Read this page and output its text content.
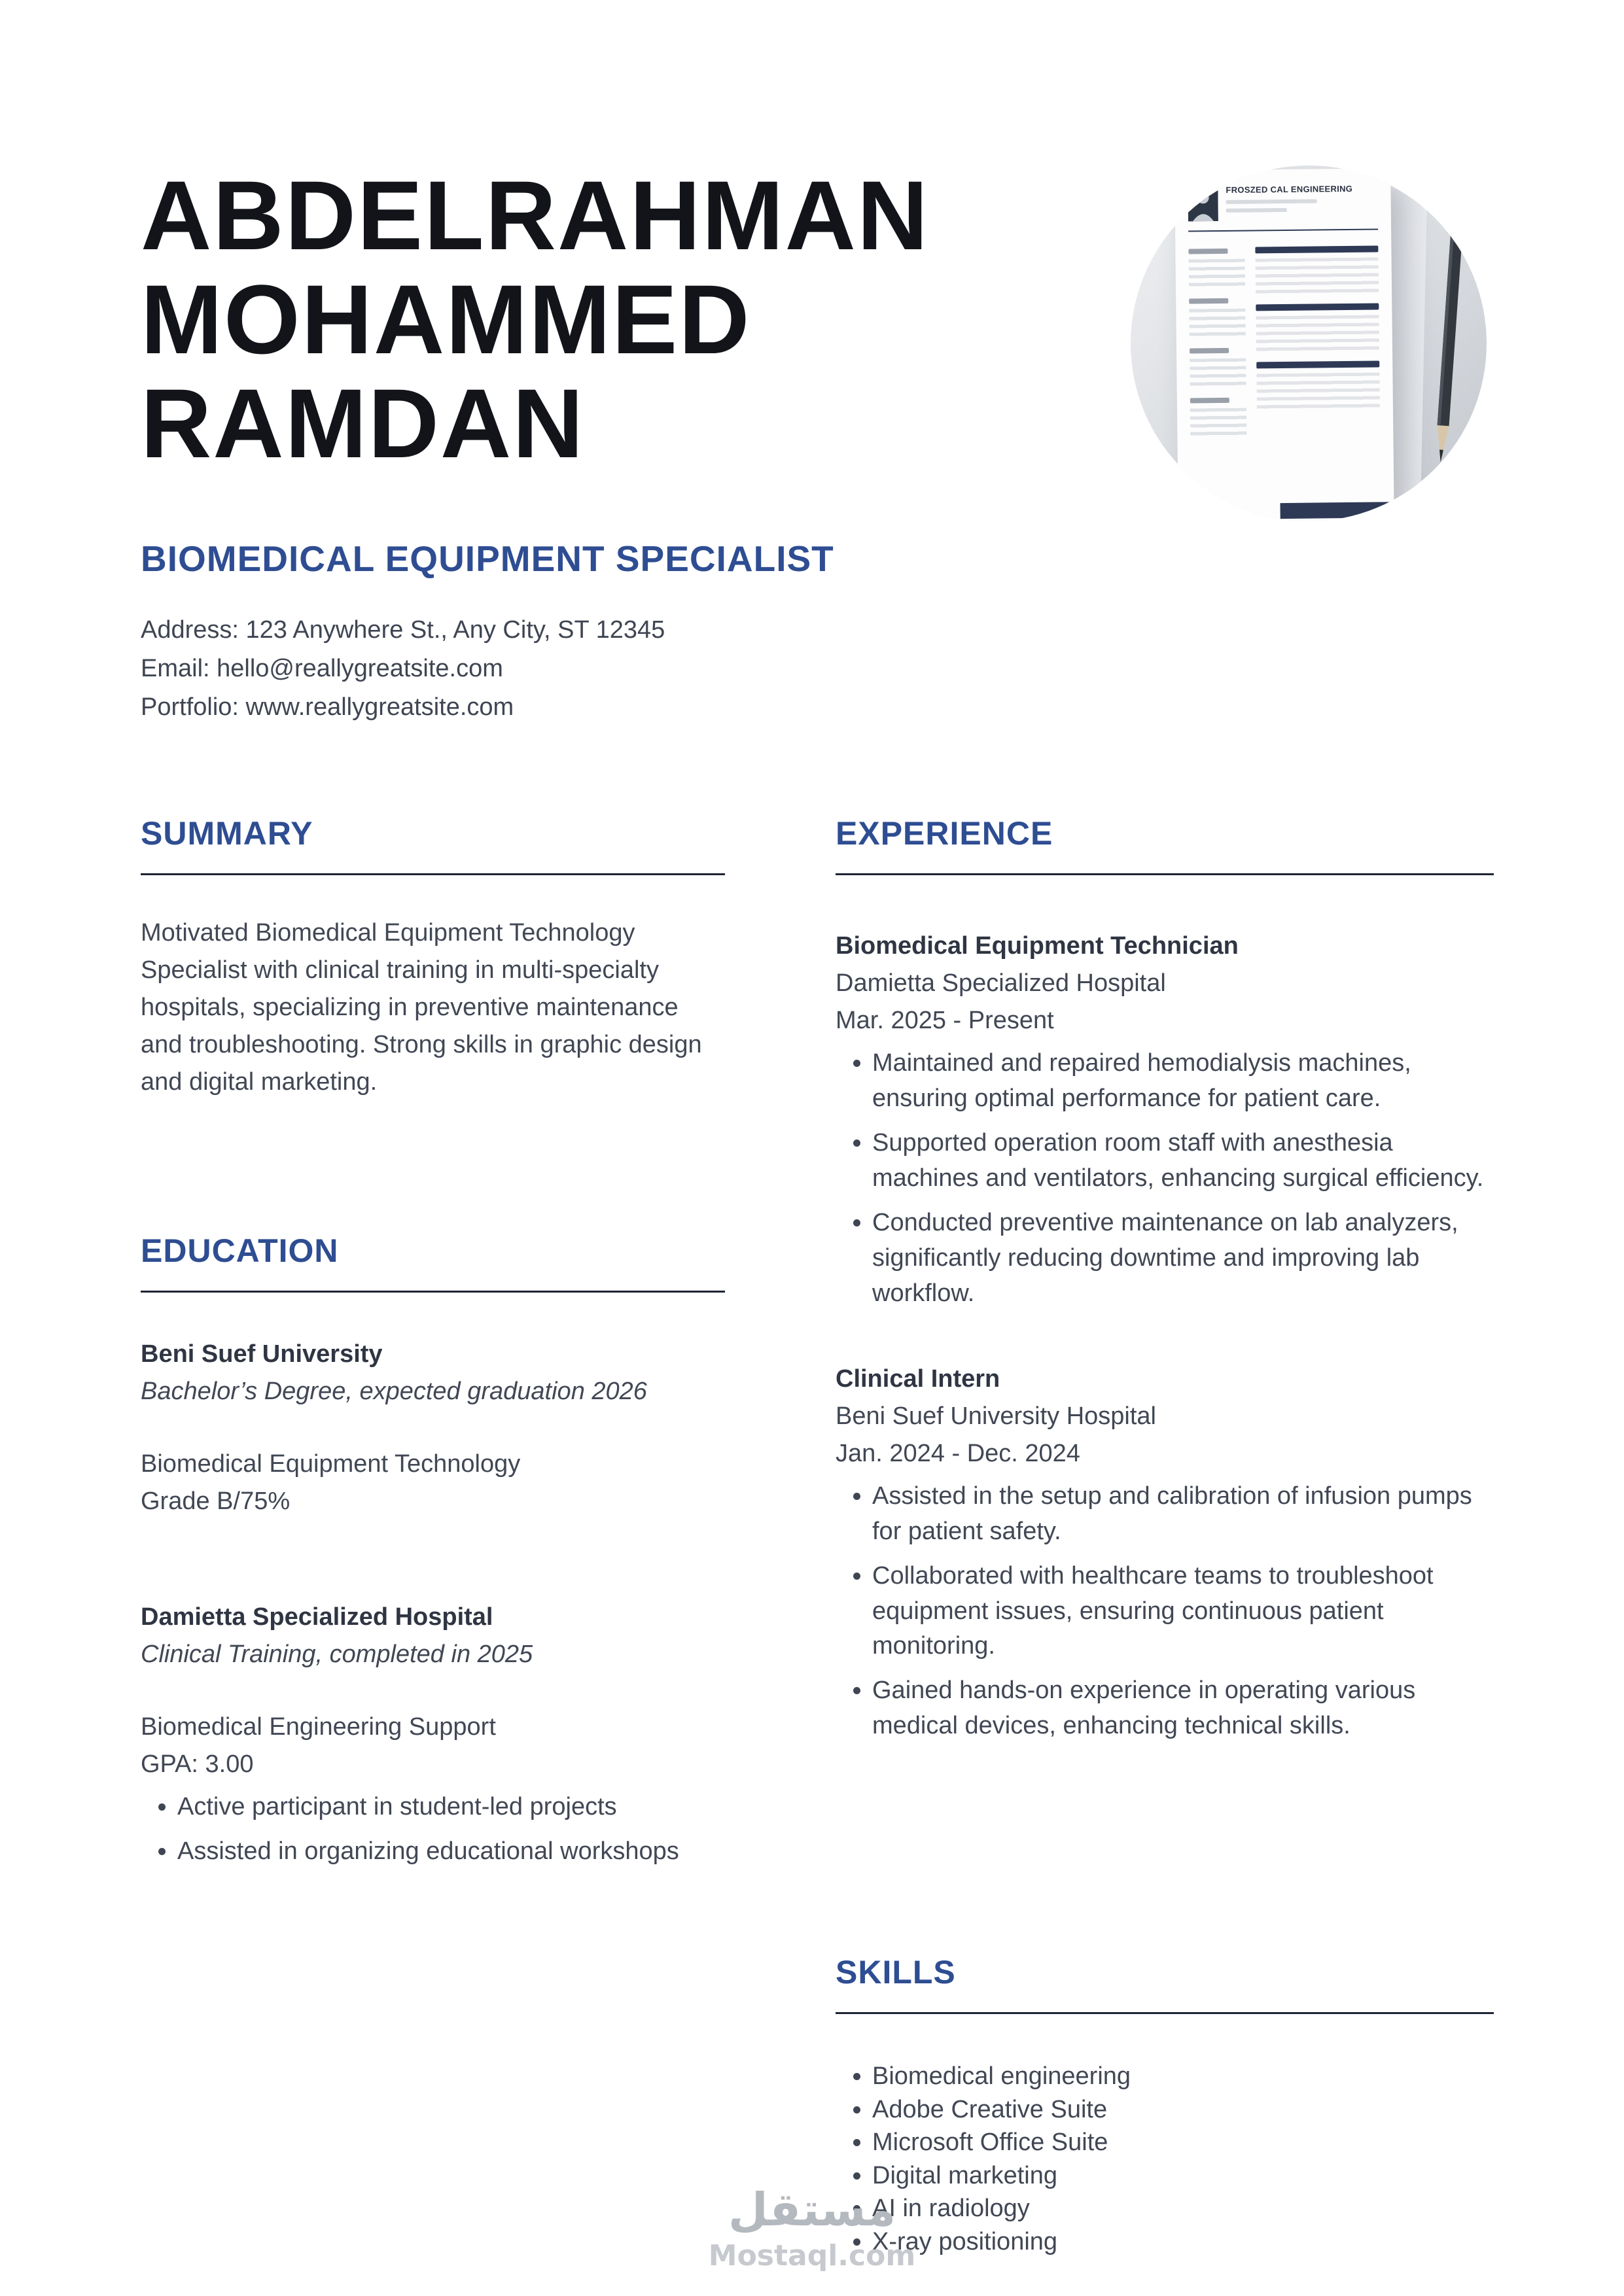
ABDELRAHMAN
MOHAMMED
RAMDAN
BIOMEDICAL EQUIPMENT SPECIALIST
Address: 123 Anywhere St., Any City, ST 12345
Email: hello@reallygreatsite.com
Portfolio: www.reallygreatsite.com
FROSZED CAL ENGINEERING
SUMMARY

Motivated Biomedical Equipment Technology Specialist with clinical training in multi-specialty hospitals, specializing in preventive maintenance and troubleshooting. Strong skills in graphic design and digital marketing.

EDUCATION
Beni Suef University
Bachelor’s Degree, expected graduation 2026
Biomedical Equipment Technology
Grade B/75%
Damietta Specialized Hospital
Clinical Training, completed in 2025
Biomedical Engineering Support
GPA: 3.00
• Active participant in student-led projects
• Assisted in organizing educational workshops
EXPERIENCE
Biomedical Equipment Technician
Damietta Specialized Hospital
Mar. 2025 - Present
• Maintained and repaired hemodialysis machines, ensuring optimal performance for patient care.
• Supported operation room staff with anesthesia machines and ventilators, enhancing surgical efficiency.
• Conducted preventive maintenance on lab analyzers, significantly reducing downtime and improving lab workflow.
Clinical Intern
Beni Suef University Hospital
Jan. 2024 - Dec. 2024
• Assisted in the setup and calibration of infusion pumps for patient safety.
• Collaborated with healthcare teams to troubleshoot equipment issues, ensuring continuous patient monitoring.
• Gained hands-on experience in operating various medical devices, enhancing technical skills.
SKILLS
• Biomedical engineering
• Adobe Creative Suite
• Microsoft Office Suite
• Digital marketing
• AI in radiology
• X-ray positioning
مستقل
Mostaql.com
